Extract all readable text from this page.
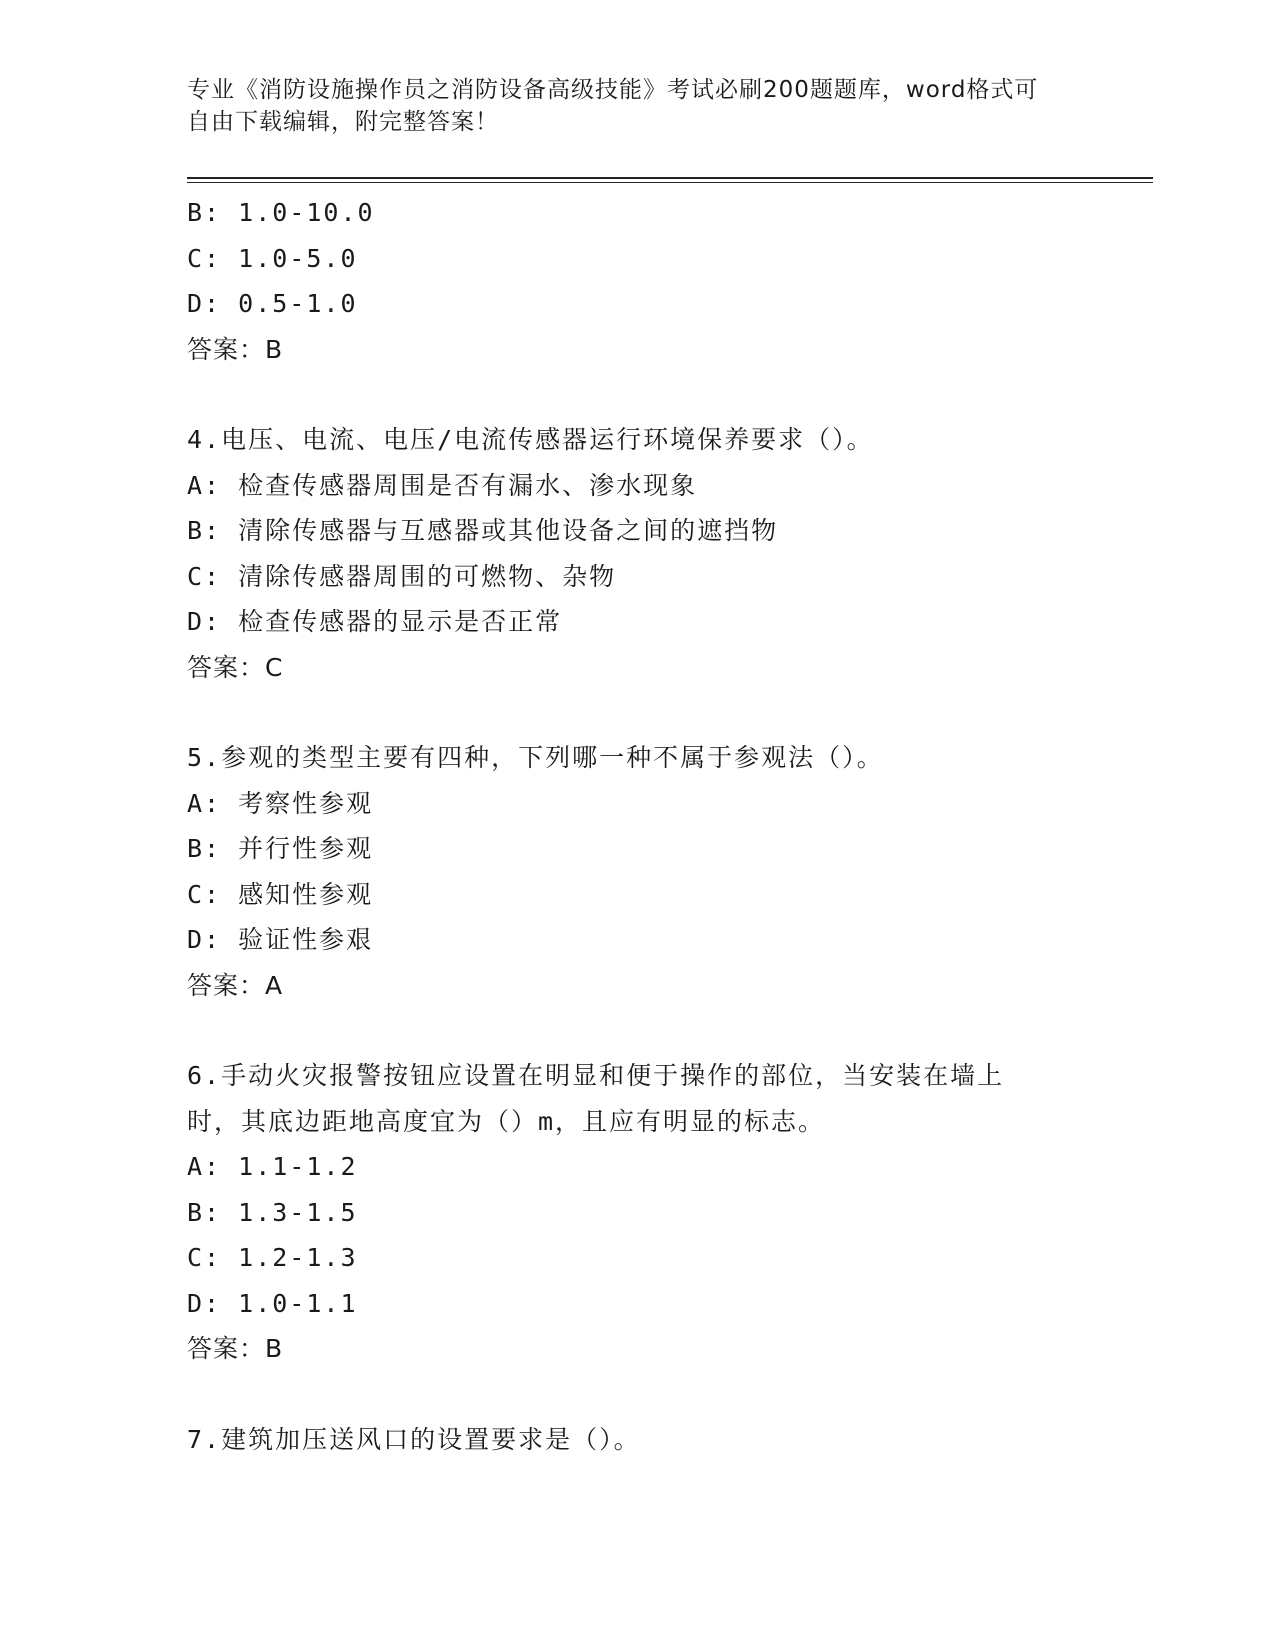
专业《消防设施操作员之消防设备高级技能》考试必刷200题题库，word格式可
自由下载编辑，附完整答案！
B: 1.0-10.0
C: 1.0-5.0
D: 0.5-1.0
答案：B
4.电压、电流、电压/电流传感器运行环境保养要求（）。
A: 检查传感器周围是否有漏水、渗水现象
B: 清除传感器与互感器或其他设备之间的遮挡物
C: 清除传感器周围的可燃物、杂物
D: 检查传感器的显示是否正常
答案：C
5.参观的类型主要有四种，下列哪一种不属于参观法（）。
A: 考察性参观
B: 并行性参观
C: 感知性参观
D: 验证性参艰
答案：A
6.手动火灾报警按钮应设置在明显和便于操作的部位，当安装在墙上
时，其底边距地高度宜为（）m，且应有明显的标志。
A: 1.1-1.2
B: 1.3-1.5
C: 1.2-1.3
D: 1.0-1.1
答案：B
7.建筑加压送风口的设置要求是（）。
